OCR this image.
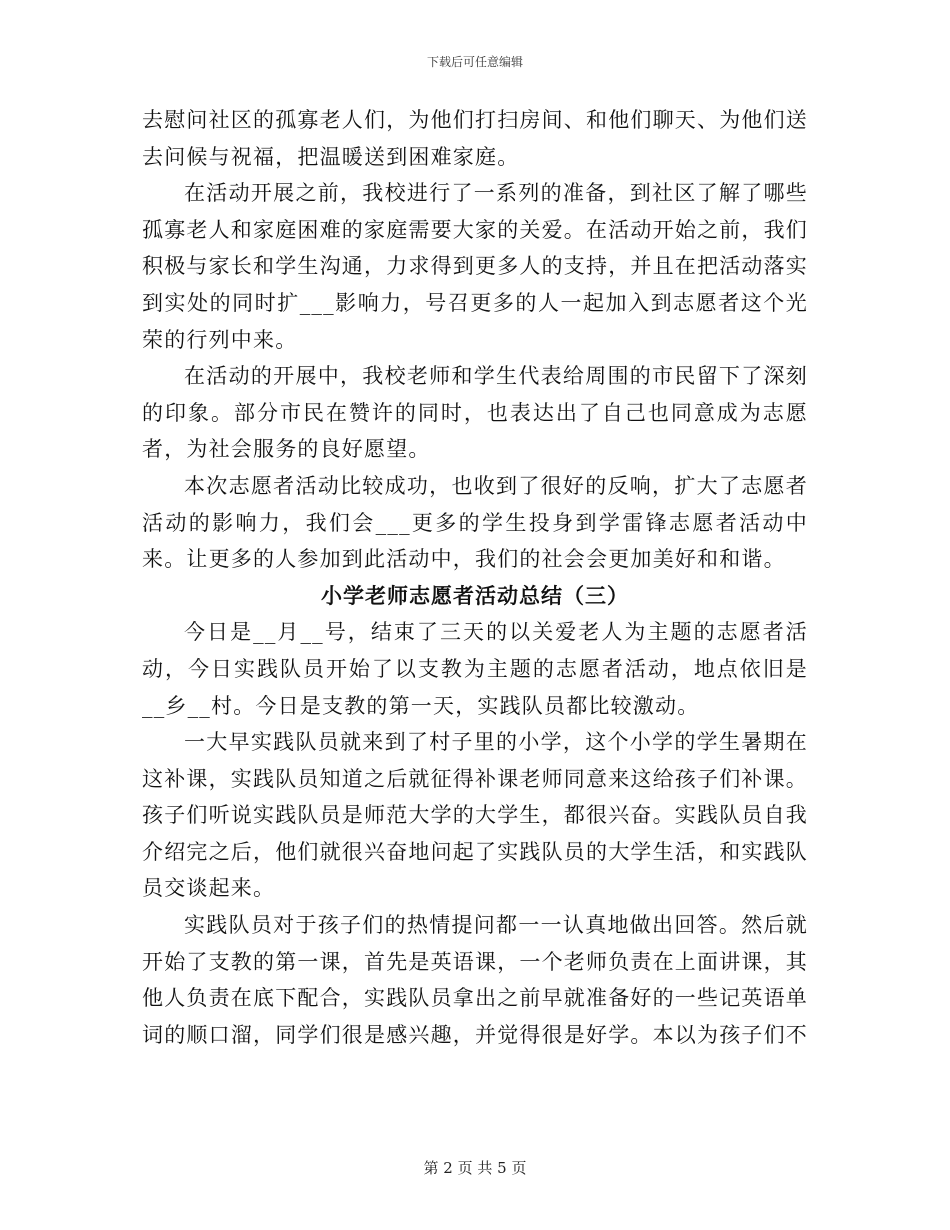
下载后可任意编辑

去慰问社区的孤寡老人们，为他们打扫房间、和他们聊天、为他们送去问候与祝福，把温暖送到困难家庭。

在活动开展之前，我校进行了一系列的准备，到社区了解了哪些孤寡老人和家庭困难的家庭需要大家的关爱。在活动开始之前，我们积极与家长和学生沟通，力求得到更多人的支持，并且在把活动落实到实处的同时扩___影响力，号召更多的人一起加入到志愿者这个光荣的行列中来。

在活动的开展中，我校老师和学生代表给周围的市民留下了深刻的印象。部分市民在赞许的同时，也表达出了自己也同意成为志愿者，为社会服务的良好愿望。

本次志愿者活动比较成功，也收到了很好的反响，扩大了志愿者活动的影响力，我们会___更多的学生投身到学雷锋志愿者活动中来。让更多的人参加到此活动中，我们的社会会更加美好和和谐。

小学老师志愿者活动总结（三）

今日是__月__号，结束了三天的以关爱老人为主题的志愿者活动，今日实践队员开始了以支教为主题的志愿者活动，地点依旧是__乡__村。今日是支教的第一天，实践队员都比较激动。

一大早实践队员就来到了村子里的小学，这个小学的学生暑期在这补课，实践队员知道之后就征得补课老师同意来这给孩子们补课。孩子们听说实践队员是师范大学的大学生，都很兴奋。实践队员自我介绍完之后，他们就很兴奋地问起了实践队员的大学生活，和实践队员交谈起来。

实践队员对于孩子们的热情提问都一一认真地做出回答。然后就开始了支教的第一课，首先是英语课，一个老师负责在上面讲课，其他人负责在底下配合，实践队员拿出之前早就准备好的一些记英语单词的顺口溜，同学们很是感兴趣，并觉得很是好学。本以为孩子们不

第 2 页 共 5 页
